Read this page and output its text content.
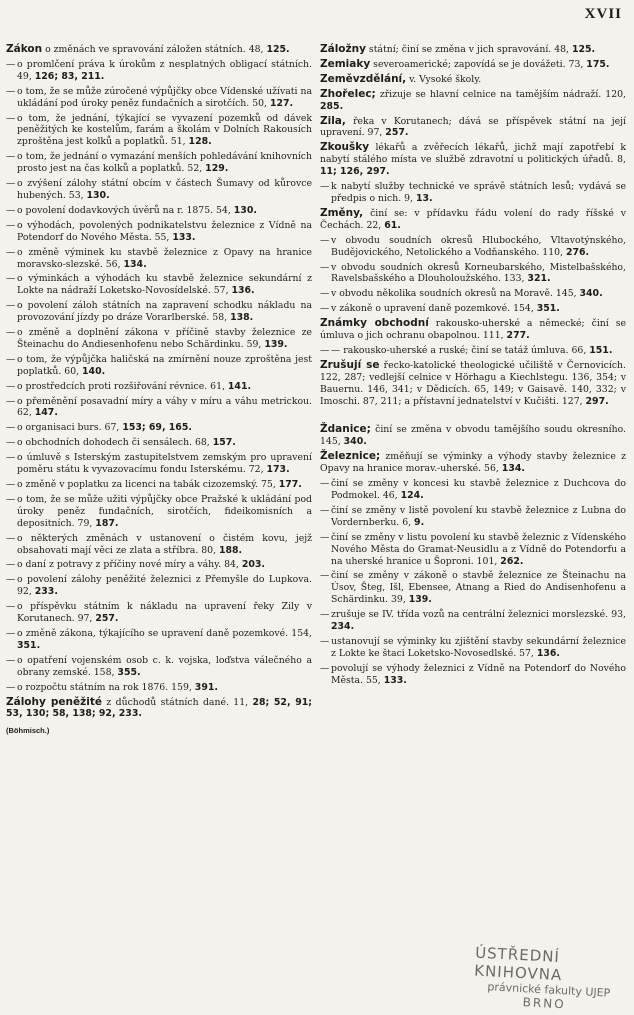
XVII
Zákon o změnách ve spravování záložen státních. 48, 125.
— o promlčení práva k úrokům z nesplatných obligací státních. 49, 126; 83, 211.
— o tom, že se může zúročené výpůjčky obce Vídenské užívati na ukládání pod úroky peněz fundačních a sirotčích. 50, 127.
— o tom, že jednání, týkající se vyvazení pozemků od dávek peněžitých ke kostelům, farám a školám v Dolních Rakousích zproštěna jest kolků a poplatků. 51, 128.
— o tom, že jednání o vymazání menších pohledávání knihovních prosto jest na čas kolků a poplatků. 52, 129.
— o zvýšení zálohy státní obcím v částech Šumavy od kůrovce hubených. 53, 130.
— o povolení dodavkových úvěrů na r. 1875. 54, 130.
— o výhodách, povolených podnikatelstvu železnice z Vídně na Potendorf do Nového Města. 55, 133.
— o změně výminek ku stavbě železnice z Opavy na hranice moravsko-slezské. 56, 134.
— o výminkách a výhodách ku stavbě železnice sekundární z Lokte na nádraží Loketsko-Novosídelské. 57, 136.
— o povolení záloh státních na zapravení schodku nákladu na provozování jízdy po dráze Vorarlberské. 58, 138.
— o změně a doplnění zákona v příčině stavby železnice ze Šteinachu do Andiesenhofenu nebo Schärdinku. 59, 139.
— o tom, že výpůjčka haličská na zmírnění nouze zproštěna jest poplatků. 60, 140.
— o prostředcích proti rozšiřování révnice. 61, 141.
— o přeměnění posavadní míry a váhy v míru a váhu metrickou. 62, 147.
— o organisaci burs. 67, 153; 69, 165.
— o obchodních dohodech či sensálech. 68, 157.
— o úmluvě s Isterským zastupitelstvem zemským pro upravení poměru státu k vyvazovacímu fondu Isterskému. 72, 173.
— o změně v poplatku za licenci na tabák cizozemský. 75, 177.
— o tom, že se může užiti výpůjčky obce Pražské k ukládání pod úroky peněz fundačních, sirotčích, fideikomisních a depositních. 79, 187.
— o některých změnách v ustanovení o čistém kovu, jejž obsahovati mají věci ze zlata a stříbra. 80, 188.
— o daní z potravy z příčiny nové míry a váhy. 84, 203.
— o povolení zálohy peněžité železnici z Přemyšle do Lupkova. 92, 233.
— o příspěvku státním k nákladu na upravení řeky Zily v Korutanech. 97, 257.
— o změně zákona, týkajícího se upravení daně pozemkové. 154, 351.
— o opatření vojenském osob c. k. vojska, loďstva válečného a obrany zemské. 158, 355.
— o rozpočtu státním na rok 1876. 159, 391.
Zálohy peněžité z důchodů státních dané. 11, 28; 52, 91; 53, 130; 58, 138; 92, 233.
(Böhmisch.)
Záložny státní; činí se změna v jich spravování. 48, 125.
Zemiaky severoamerické; zapovídá se je dovážeti. 73, 175.
Zeměvzdělání, v. Vysoké školy.
Zhořelec; zřizuje se hlavní celnice na tamějším nádraží. 120, 285.
Zila, řeka v Korutanech; dává se příspěvek státní na její upravení. 97, 257.
Zkoušky lékařů a zvěřecích lékařů, jichž mají zapotřebí k nabytí stálého místa ve službě zdravotní u politických úřadů. 8, 11; 126, 297.
— k nabytí služby technické ve správě státních lesů; vydává se předpis o nich. 9, 13.
Změny, činí se: v přídavku řádu volení do rady říšské v Čechách. 22, 61.
— v obvodu soudních okresů Hlubockého, Vltavotýnského, Budějovického, Netolického a Vodňanského. 110, 276.
— v obvodu soudních okresů Korneubarského, Mistelbašského, Ravelsbašského a Dlouholoužského. 133, 321.
— v obvodu několika soudních okresů na Moravě. 145, 340.
— v zákoně o upravení daně pozemkové. 154, 351.
Známky obchodní rakousko-uherské a německé; činí se úmluva o jich ochranu obapolnou. 111, 277.
— — rakousko-uherské a ruské; činí se tatáž úmluva. 66, 151.
Zrušují se řecko-katolické theologické učiliště v Černovicích. 122, 287; vedlejší celnice v Hörhagu a Kiechlstegu. 136, 354; v Bauernu. 146, 341; v Dědicích. 65, 149; v Gaisavě. 140, 332; v Imoschi. 87, 211; a přístavní jednatelství v Kučišti. 127, 297.
Ždanice; činí se změna v obvodu tamějšího soudu okresního. 145, 340.
Železnice; změňují se výminky a výhody stavby železnice z Opavy na hranice morav.-uherské. 56, 134.
— činí se změny v koncesi ku stavbě železnice z Duchcova do Podmokel. 46, 124.
— činí se změny v listě povolení ku stavbě železnice z Lubna do Vordernberku. 6, 9.
— činí se změny v listu povolení ku stavbě železnic z Vídenského Nového Města do Gramat-Neusidlu a z Vídně do Potendorfu a na uherské hranice u Šoproni. 101, 262.
— činí se změny v zákoně o stavbě železnice ze Šteinachu na Úsov, Šteg, Išl, Ebensee, Atnang a Ried do Andisenhofenu a Schärdinku. 39, 139.
— zrušuje se IV. třída vozů na centrální železnici morslezské. 93, 234.
— ustanovují se výminky ku zjištění stavby sekundární železnice z Lokte ke štaci Loketsko-Novosedlské. 57, 136.
— povolují se výhody železnici z Vídně na Potendorf do Nového Města. 55, 133.
ÚSTŘEDNÍ KNIHOVNA
právnické fakulty UJEP
BRNO
